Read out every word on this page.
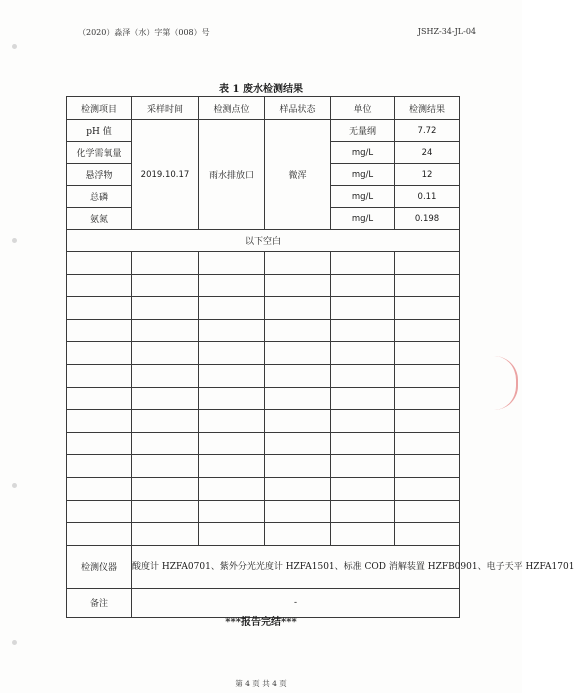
（2020）淼泽（水）字第（008）号	JSHZ-34-JL-04
表 1 废水检测结果
检测项目	采样时间	检测点位	样品状态	单位	检测结果
pH 值	2019.10.17	雨水排放口	微浑	无量纲	7.72
化学需氧量				mg/L	24
悬浮物				mg/L	12
总磷				mg/L	0.11
氨氮				mg/L	0.198
以下空白					

检测仪器	酸度计 HZFA0701、紫外分光光度计 HZFA1501、标准 COD 消解装置 HZFB0901、电子天平 HZFA1701				
备注	-				
***报告完结***
第 4 页 共 4 页
